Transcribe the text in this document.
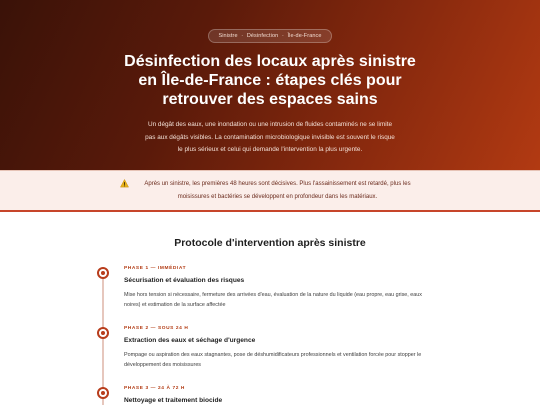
Sinistre · Désinfection · Île-de-France
Désinfection des locaux après sinistre en Île-de-France : étapes clés pour retrouver des espaces sains

Un dégât des eaux, une inondation ou une intrusion de fluides contaminés ne se limite pas aux dégâts visibles. La contamination microbiologique invisible est souvent le risque le plus sérieux et celui qui demande l'intervention la plus urgente.

Après un sinistre, les premières 48 heures sont décisives. Plus l'assainissement est retardé, plus les moisissures et bactéries se développent en profondeur dans les matériaux.
Protocole d'intervention après sinistre
PHASE 1 — IMMÉDIAT
Sécurisation et évaluation des risques

Mise hors tension si nécessaire, fermeture des arrivées d'eau, évaluation de la nature du liquide (eau propre, eau grise, eaux noires) et estimation de la surface affectée

PHASE 2 — SOUS 24 H
Extraction des eaux et séchage d'urgence

Pompage ou aspiration des eaux stagnantes, pose de déshumidificateurs professionnels et ventilation forcée pour stopper le développement des moisissures

PHASE 3 — 24 À 72 H
Nettoyage et traitement biocide
